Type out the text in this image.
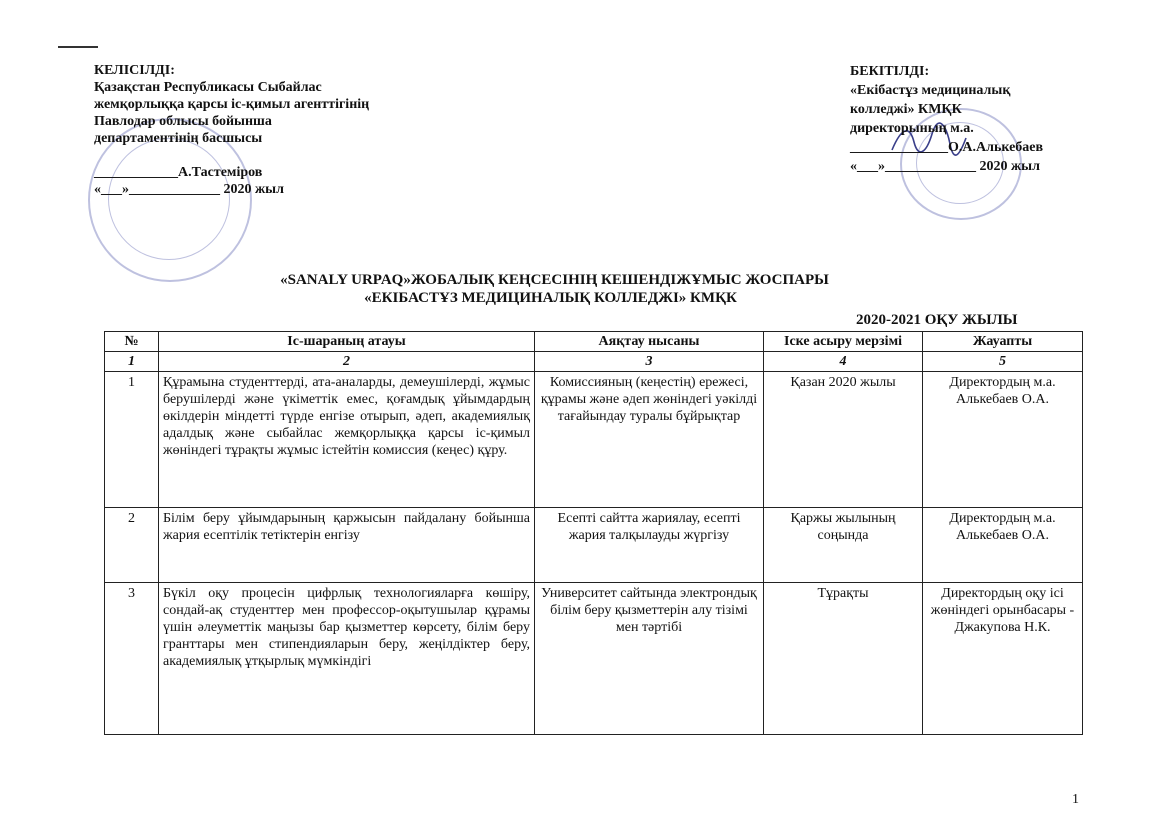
КЕЛІСІЛДІ:
Қазақстан Республикасы Сыбайлас
жемқорлыққа қарсы іс-қимыл агенттігінің
Павлодар облысы бойынша
департаментінің басшысы
____________А.Тастеміров
«___»_____________ 2020 жыл
БЕКІТІЛДІ:
«Екібастұз медициналық
колледжі» КМҚК
директорының м.а.
______________О.А.Алькебаев
«___»_____________ 2020 жыл
«SANALY URPAQ»ЖОБАЛЫҚ КЕҢСЕСІНІҢ КЕШЕНДІЖҰМЫС ЖОСПАРЫ
«ЕКІБАСТҰЗ МЕДИЦИНАЛЫҚ КОЛЛЕДЖІ» КМҚК
2020-2021 ОҚУ ЖЫЛЫ
№	Іс-шараның атауы	Аяқтау нысаны	Іске асыру мерзімі	Жауапты
1	2	3	4	5
1	Құрамына студенттерді, ата-аналарды, демеушілерді, жұмыс берушілерді және үкіметтік емес, қоғамдық ұйымдардың өкілдерін міндетті түрде енгізе отырып, әдеп, академиялық адалдық және сыбайлас жемқорлыққа қарсы іс-қимыл жөніндегі тұрақты жұмыс істейтін комиссия (кеңес) құру.	Комиссияның (кеңестің) ережесі, құрамы және әдеп жөніндегі уәкілді тағайындау туралы бұйрықтар	Қазан 2020 жылы	Директордың м.а. Алькебаев О.А.
2	Білім беру ұйымдарының қаржысын пайдалану бойынша жария есептілік тетіктерін енгізу	Есепті сайтта жариялау, есепті жария талқылауды жүргізу	Қаржы жылының соңында	Директордың м.а. Алькебаев О.А.
3	Бүкіл оқу процесін цифрлық технологияларға көшіру, сондай-ақ студенттер мен профессор-оқытушылар құрамы үшін әлеуметтік маңызы бар қызметтер көрсету, білім беру гранттары мен стипендияларын беру, жеңілдіктер беру, академиялық ұтқырлық мүмкіндігі	Университет сайтында электрондық білім беру қызметтерін алу тізімі мен тәртібі	Тұрақты	Директордың оқу ісі жөніндегі орынбасары - Джакупова Н.К.
1
